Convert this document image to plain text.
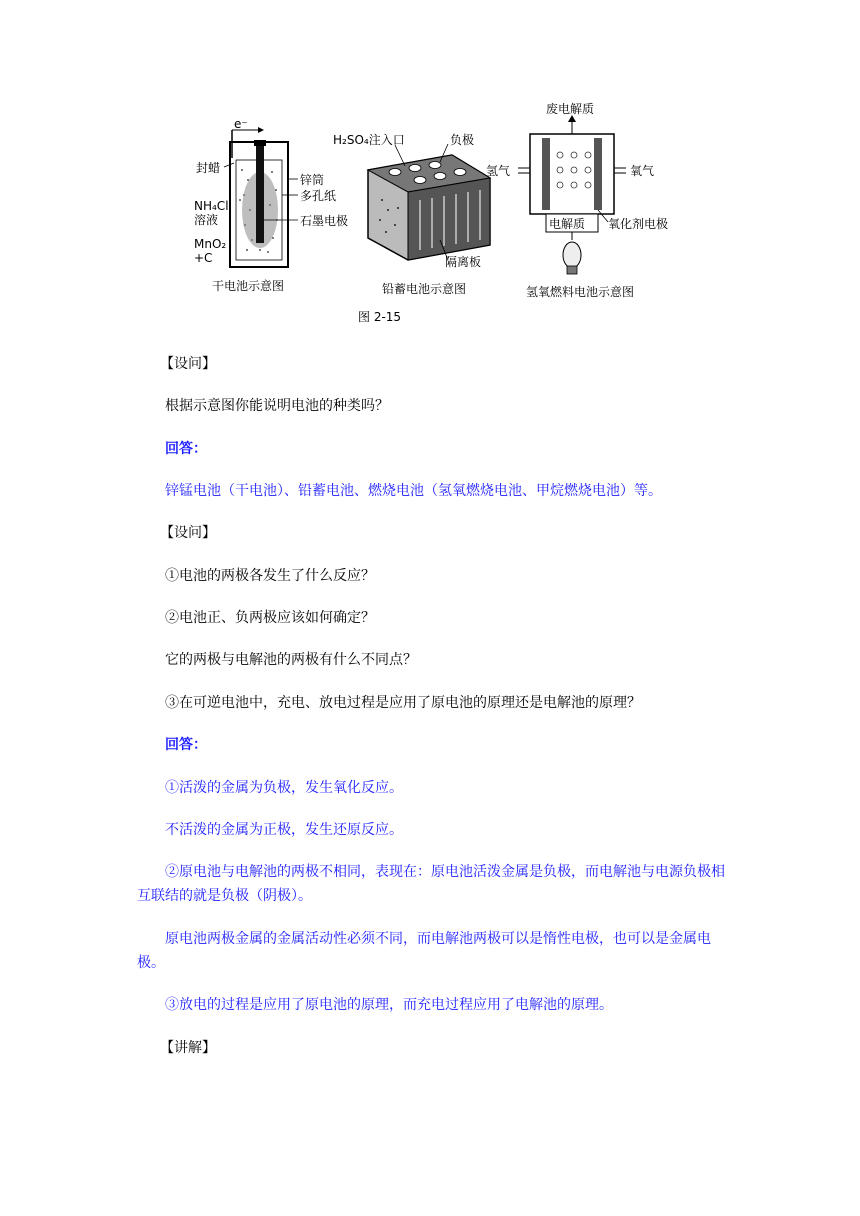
e⁻
封蜡
NH₄Cl
溶液
MnO₂
+C
锌筒
多孔纸
石墨电极
干电池示意图
H₂SO₄注入口	负极
隔离板
铅蓄电池示意图
废电解质
氢气	氧气
电解质 氧化剂电极
氢氧燃料电池示意图
图 2-15

【设问】

根据示意图你能说明电池的种类吗？

回答：

锌锰电池（干电池）、铅蓄电池、燃烧电池（氢氧燃烧电池、甲烷燃烧电池）等。

【设问】

①电池的两极各发生了什么反应？

②电池正、负两极应该如何确定？

它的两极与电解池的两极有什么不同点？

③在可逆电池中，充电、放电过程是应用了原电池的原理还是电解池的原理？

回答：

①活泼的金属为负极，发生氧化反应。

不活泼的金属为正极，发生还原反应。

②原电池与电解池的两极不相同，表现在：原电池活泼金属是负极，而电解池与电源负极相互联结的就是负极（阴极）。

原电池两极金属的金属活动性必须不同，而电解池两极可以是惰性电极，也可以是金属电极。

③放电的过程是应用了原电池的原理，而充电过程应用了电解池的原理。

【讲解】
